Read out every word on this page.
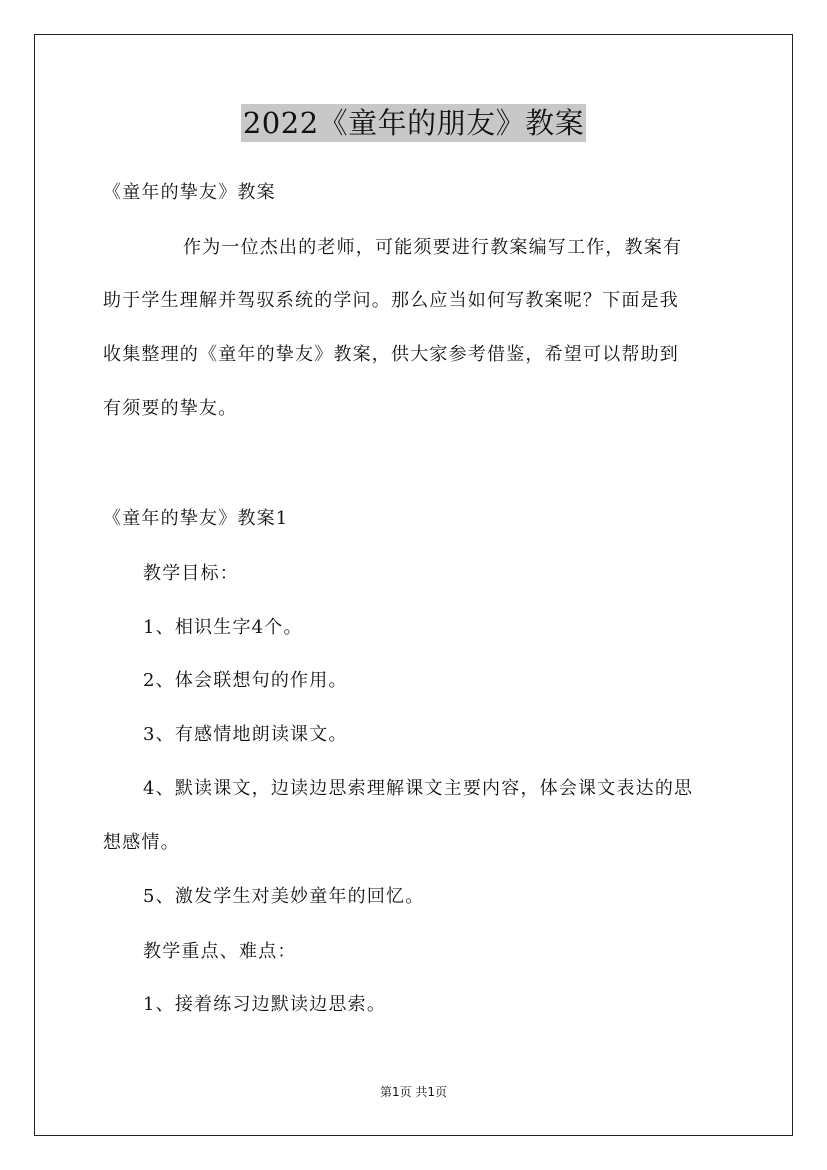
2022《童年的朋友》教案
《童年的挚友》教案
作为一位杰出的老师，可能须要进行教案编写工作，教案有
助于学生理解并驾驭系统的学问。那么应当如何写教案呢？下面是我
收集整理的《童年的挚友》教案，供大家参考借鉴，希望可以帮助到
有须要的挚友。
《童年的挚友》教案1
教学目标：
1、相识生字4个。
2、体会联想句的作用。
3、有感情地朗读课文。
4、默读课文，边读边思索理解课文主要内容，体会课文表达的思
想感情。
5、激发学生对美妙童年的回忆。
教学重点、难点：
1、接着练习边默读边思索。
第1页 共1页
